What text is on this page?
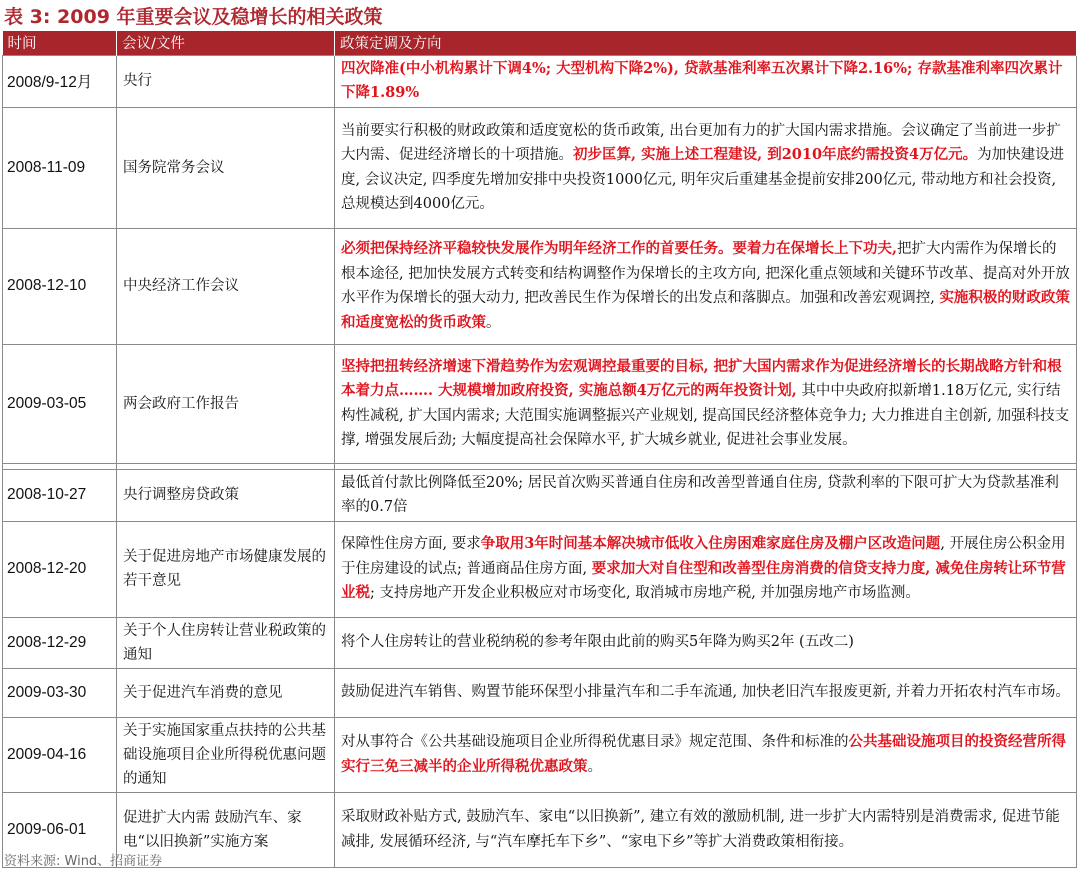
表 3: 2009 年重要会议及稳增长的相关政策
时间	会议/文件	政策定调及方向
2008/9-12月	央行	四次降准(中小机构累计下调4%; 大型机构下降2%), 贷款基准利率五次累计下降2.16%; 存款基准利率四次累计下降1.89%
2008-11-09	国务院常务会议	当前要实行积极的财政政策和适度宽松的货币政策, 出台更加有力的扩大国内需求措施。会议确定了当前进一步扩大内需、促进经济增长的十项措施。初步匡算, 实施上述工程建设, 到2010年底约需投资4万亿元。为加快建设进度, 会议决定, 四季度先增加安排中央投资1000亿元, 明年灾后重建基金提前安排200亿元, 带动地方和社会投资, 总规模达到4000亿元。
2008-12-10	中央经济工作会议	必须把保持经济平稳较快发展作为明年经济工作的首要任务。要着力在保增长上下功夫,把扩大内需作为保增长的根本途径, 把加快发展方式转变和结构调整作为保增长的主攻方向, 把深化重点领域和关键环节改革、提高对外开放水平作为保增长的强大动力, 把改善民生作为保增长的出发点和落脚点。加强和改善宏观调控, 实施积极的财政政策和适度宽松的货币政策。
2009-03-05	两会政府工作报告	坚持把扭转经济增速下滑趋势作为宏观调控最重要的目标, 把扩大国内需求作为促进经济增长的长期战略方针和根本着力点……. 大规模增加政府投资, 实施总额4万亿元的两年投资计划, 其中中央政府拟新增1.18万亿元, 实行结构性减税, 扩大国内需求; 大范围实施调整振兴产业规划, 提高国民经济整体竞争力; 大力推进自主创新, 加强科技支撑, 增强发展后劲; 大幅度提高社会保障水平, 扩大城乡就业, 促进社会事业发展。

2008-10-27	央行调整房贷政策	最低首付款比例降低至20%; 居民首次购买普通自住房和改善型普通自住房, 贷款利率的下限可扩大为贷款基准利率的0.7倍
2008-12-20	关于促进房地产市场健康发展的若干意见	保障性住房方面, 要求争取用3年时间基本解决城市低收入住房困难家庭住房及棚户区改造问题, 开展住房公积金用于住房建设的试点; 普通商品住房方面, 要求加大对自住型和改善型住房消费的信贷支持力度, 减免住房转让环节营业税; 支持房地产开发企业积极应对市场变化, 取消城市房地产税, 并加强房地产市场监测。
2008-12-29	关于个人住房转让营业税政策的通知	将个人住房转让的营业税纳税的参考年限由此前的购买5年降为购买2年 (五改二)
2009-03-30	关于促进汽车消费的意见	鼓励促进汽车销售、购置节能环保型小排量汽车和二手车流通, 加快老旧汽车报废更新, 并着力开拓农村汽车市场。
2009-04-16	关于实施国家重点扶持的公共基础设施项目企业所得税优惠问题的通知	对从事符合《公共基础设施项目企业所得税优惠目录》规定范围、条件和标准的公共基础设施项目的投资经营所得实行三免三减半的企业所得税优惠政策。
2009-06-01	促进扩大内需 鼓励汽车、家电“以旧换新”实施方案	采取财政补贴方式, 鼓励汽车、家电“以旧换新”, 建立有效的激励机制, 进一步扩大内需特别是消费需求, 促进节能减排, 发展循环经济, 与“汽车摩托车下乡”、“家电下乡”等扩大消费政策相衔接。
资料来源: Wind、招商证券
